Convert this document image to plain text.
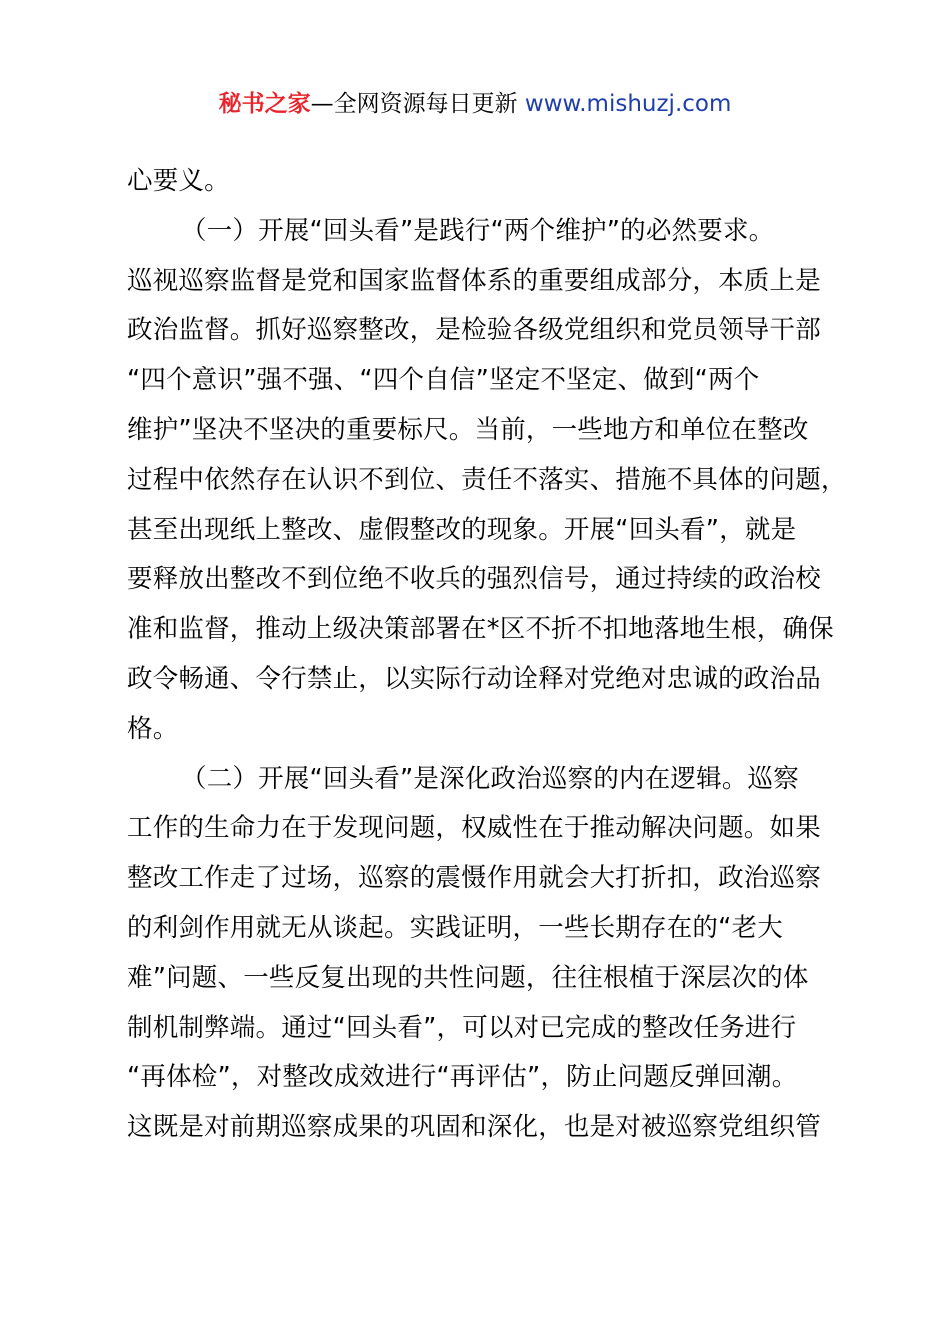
秘书之家—全网资源每日更新 www.mishuzj.com
心要义。
（一）开展“回头看”是践行“两个维护”的必然要求。
巡视巡察监督是党和国家监督体系的重要组成部分，本质上是
政治监督。抓好巡察整改，是检验各级党组织和党员领导干部
“四个意识”强不强、“四个自信”坚定不坚定、做到“两个
维护”坚决不坚决的重要标尺。当前，一些地方和单位在整改
过程中依然存在认识不到位、责任不落实、措施不具体的问题，
甚至出现纸上整改、虚假整改的现象。开展“回头看”，就是
要释放出整改不到位绝不收兵的强烈信号，通过持续的政治校
准和监督，推动上级决策部署在*区不折不扣地落地生根，确保
政令畅通、令行禁止，以实际行动诠释对党绝对忠诚的政治品
格。
（二）开展“回头看”是深化政治巡察的内在逻辑。巡察
工作的生命力在于发现问题，权威性在于推动解决问题。如果
整改工作走了过场，巡察的震慑作用就会大打折扣，政治巡察
的利剑作用就无从谈起。实践证明，一些长期存在的“老大
难”问题、一些反复出现的共性问题，往往根植于深层次的体
制机制弊端。通过“回头看”，可以对已完成的整改任务进行
“再体检”，对整改成效进行“再评估”，防止问题反弹回潮。
这既是对前期巡察成果的巩固和深化，也是对被巡察党组织管
